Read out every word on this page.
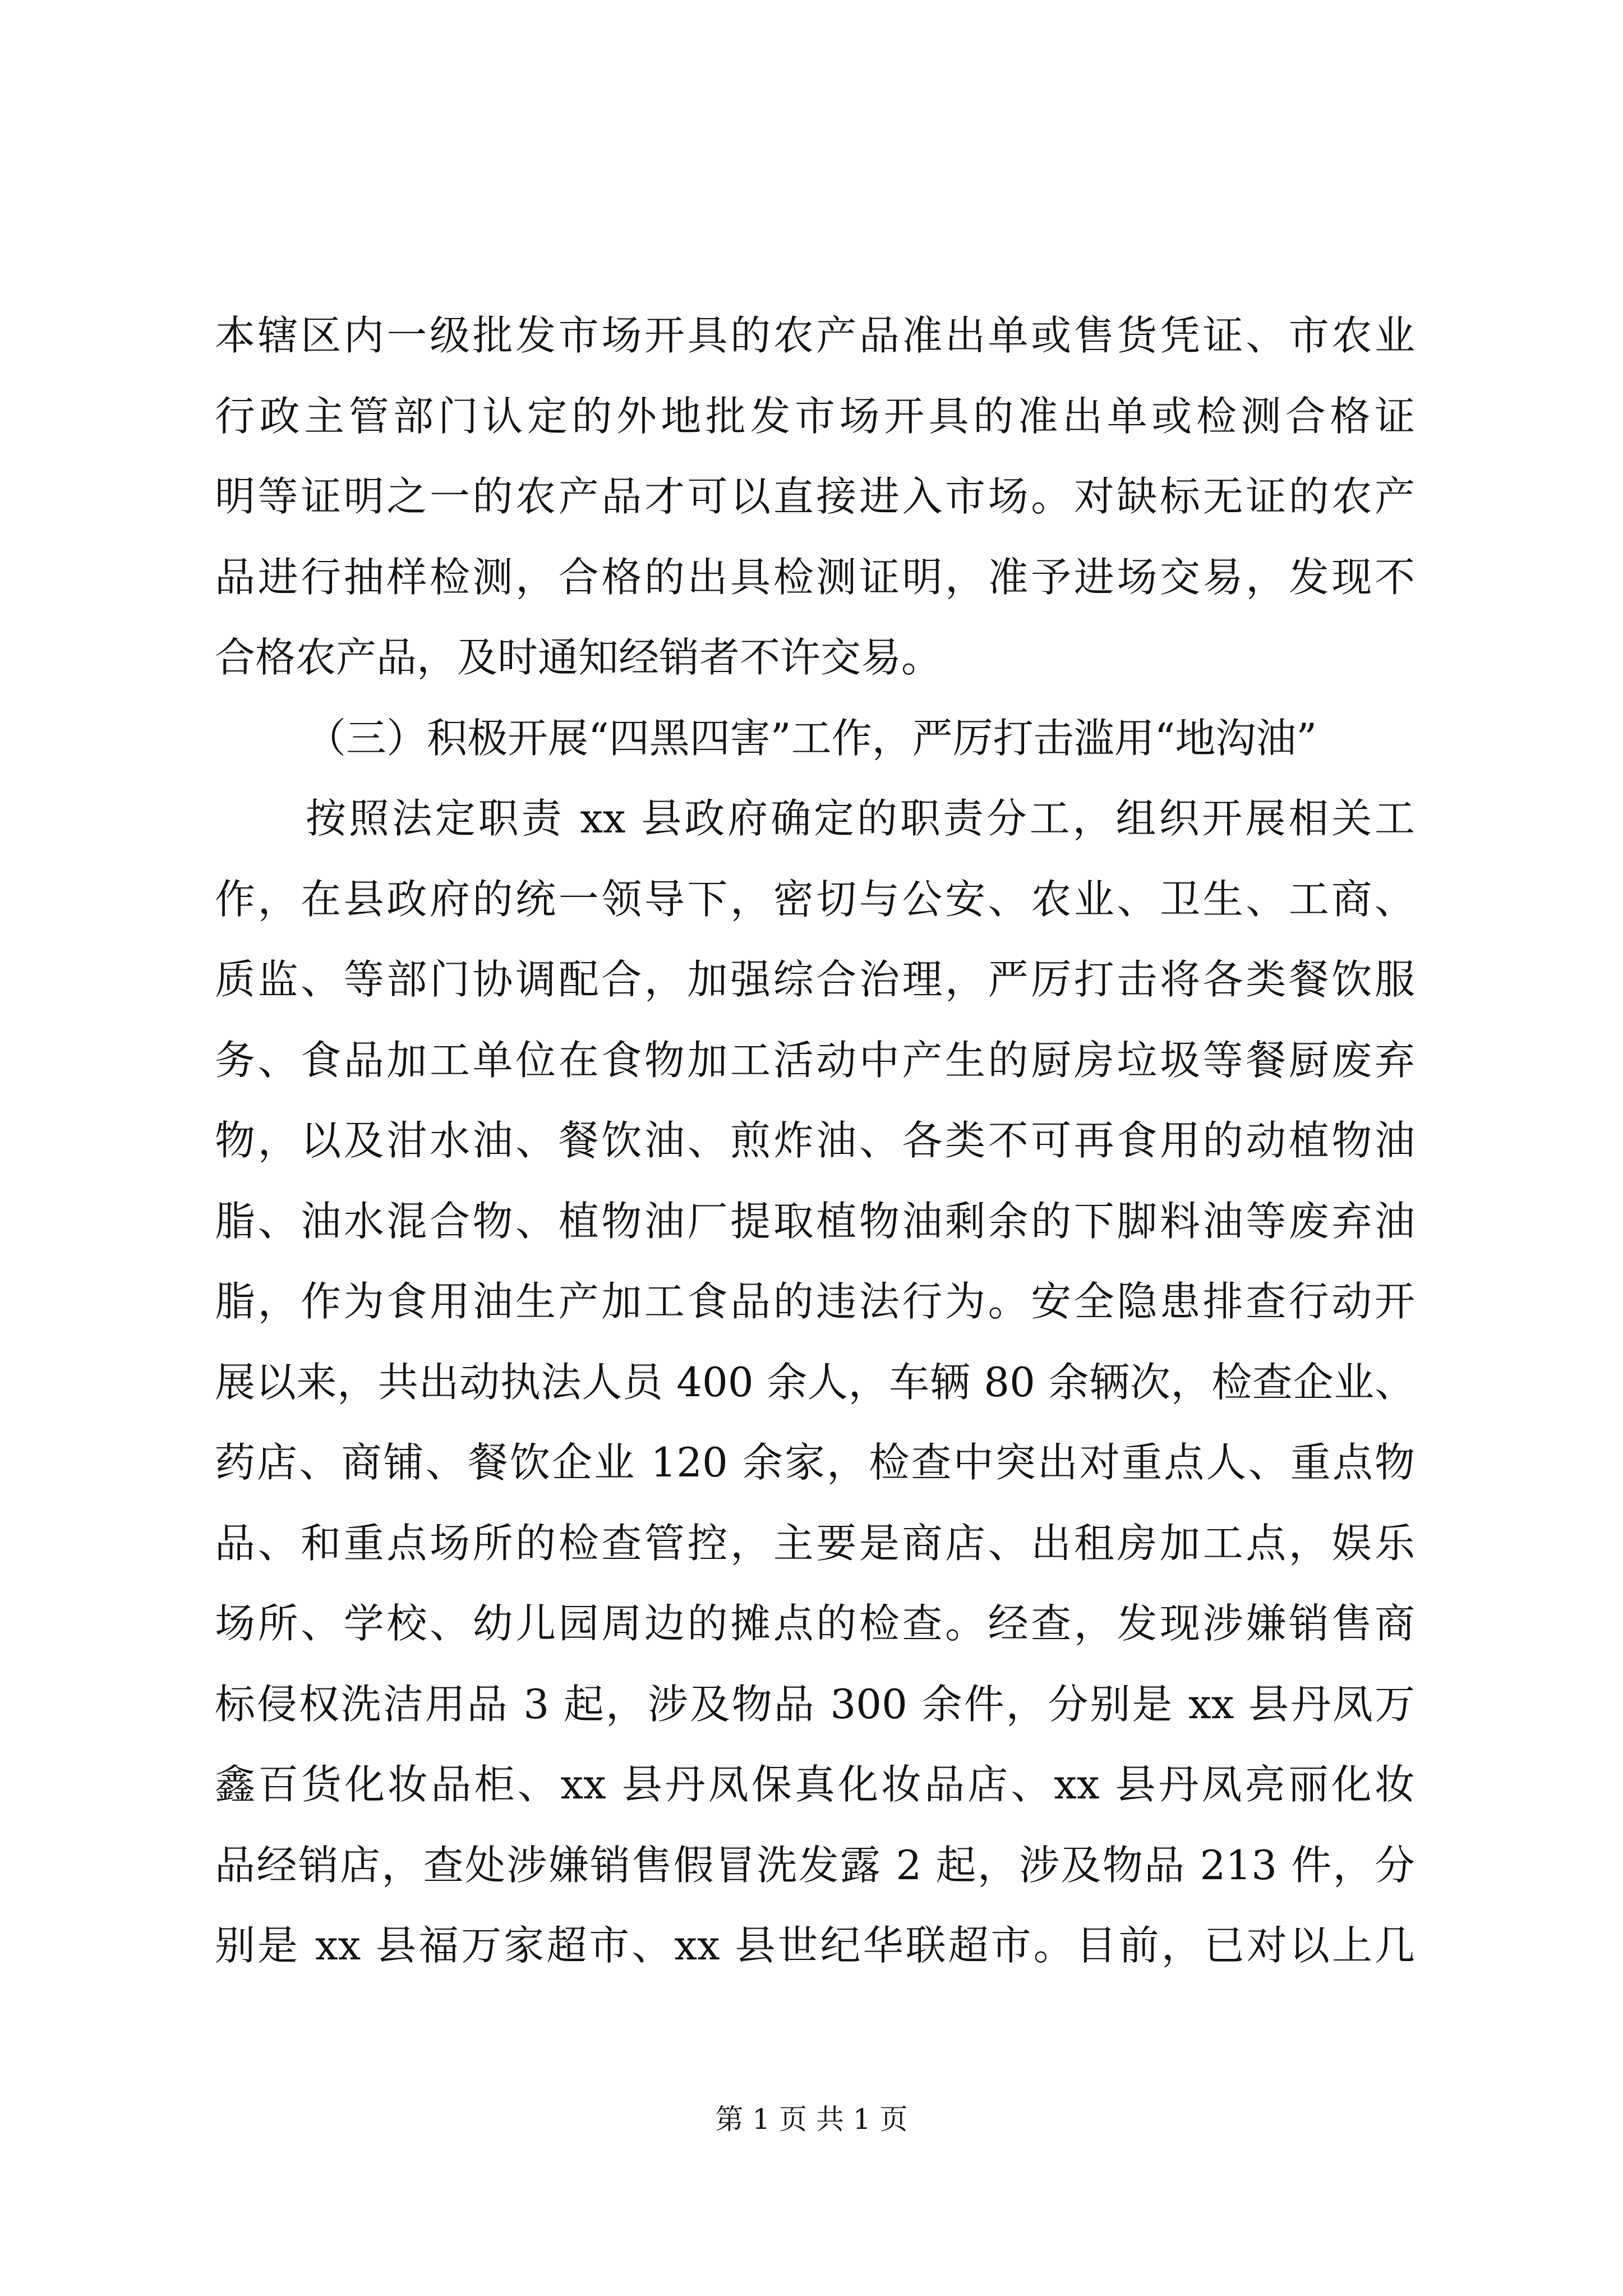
本辖区内一级批发市场开具的农产品准出单或售货凭证、市农业
行政主管部门认定的外地批发市场开具的准出单或检测合格证
明等证明之一的农产品才可以直接进入市场。对缺标无证的农产
品进行抽样检测，合格的出具检测证明，准予进场交易，发现不
合格农产品，及时通知经销者不许交易。
（三）积极开展“四黑四害”工作，严厉打击滥用“地沟油”
按照法定职责 xx 县政府确定的职责分工，组织开展相关工
作，在县政府的统一领导下，密切与公安、农业、卫生、工商、
质监、等部门协调配合，加强综合治理，严厉打击将各类餐饮服
务、食品加工单位在食物加工活动中产生的厨房垃圾等餐厨废弃
物，以及泔水油、餐饮油、煎炸油、各类不可再食用的动植物油
脂、油水混合物、植物油厂提取植物油剩余的下脚料油等废弃油
脂，作为食用油生产加工食品的违法行为。安全隐患排查行动开
展以来，共出动执法人员 400 余人，车辆 80 余辆次，检查企业、
药店、商铺、餐饮企业 120 余家，检查中突出对重点人、重点物
品、和重点场所的检查管控，主要是商店、出租房加工点，娱乐
场所、学校、幼儿园周边的摊点的检查。经查，发现涉嫌销售商
标侵权洗洁用品 3 起，涉及物品 300 余件，分别是 xx 县丹凤万
鑫百货化妆品柜、xx 县丹凤保真化妆品店、xx 县丹凤亮丽化妆
品经销店，查处涉嫌销售假冒洗发露 2 起，涉及物品 213 件，分
别是 xx 县福万家超市、xx 县世纪华联超市。目前，已对以上几
第 1 页 共 1 页
